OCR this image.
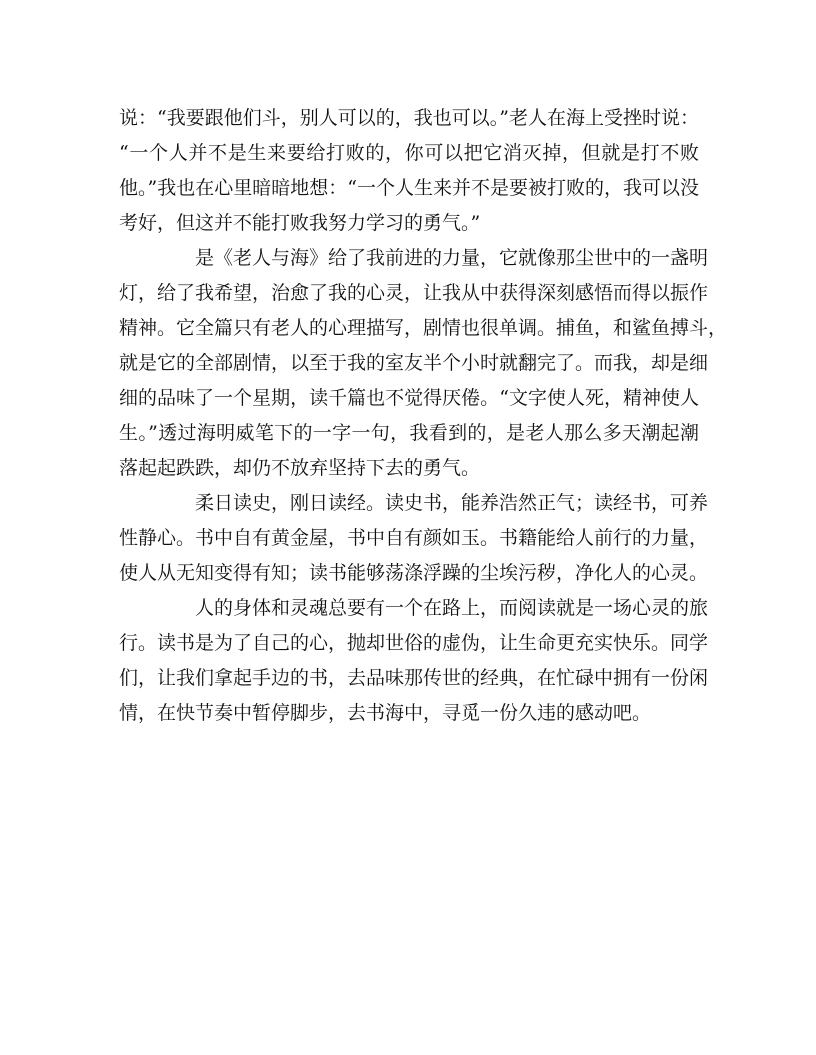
说：“我要跟他们斗，别人可以的，我也可以。”老人在海上受挫时说：
“一个人并不是生来要给打败的，你可以把它消灭掉，但就是打不败
他。”我也在心里暗暗地想：“一个人生来并不是要被打败的，我可以没
考好，但这并不能打败我努力学习的勇气。”
是《老人与海》给了我前进的力量，它就像那尘世中的一盏明
灯，给了我希望，治愈了我的心灵，让我从中获得深刻感悟而得以振作
精神。它全篇只有老人的心理描写，剧情也很单调。捕鱼，和鲨鱼搏斗，
就是它的全部剧情，以至于我的室友半个小时就翻完了。而我，却是细
细的品味了一个星期，读千篇也不觉得厌倦。“文字使人死，精神使人
生。”透过海明威笔下的一字一句，我看到的，是老人那么多天潮起潮
落起起跌跌，却仍不放弃坚持下去的勇气。
柔日读史，刚日读经。读史书，能养浩然正气；读经书，可养
性静心。书中自有黄金屋，书中自有颜如玉。书籍能给人前行的力量，
使人从无知变得有知；读书能够荡涤浮躁的尘埃污秽，净化人的心灵。
人的身体和灵魂总要有一个在路上，而阅读就是一场心灵的旅
行。读书是为了自己的心，抛却世俗的虚伪，让生命更充实快乐。同学
们，让我们拿起手边的书，去品味那传世的经典，在忙碌中拥有一份闲
情，在快节奏中暂停脚步，去书海中，寻觅一份久违的感动吧。
